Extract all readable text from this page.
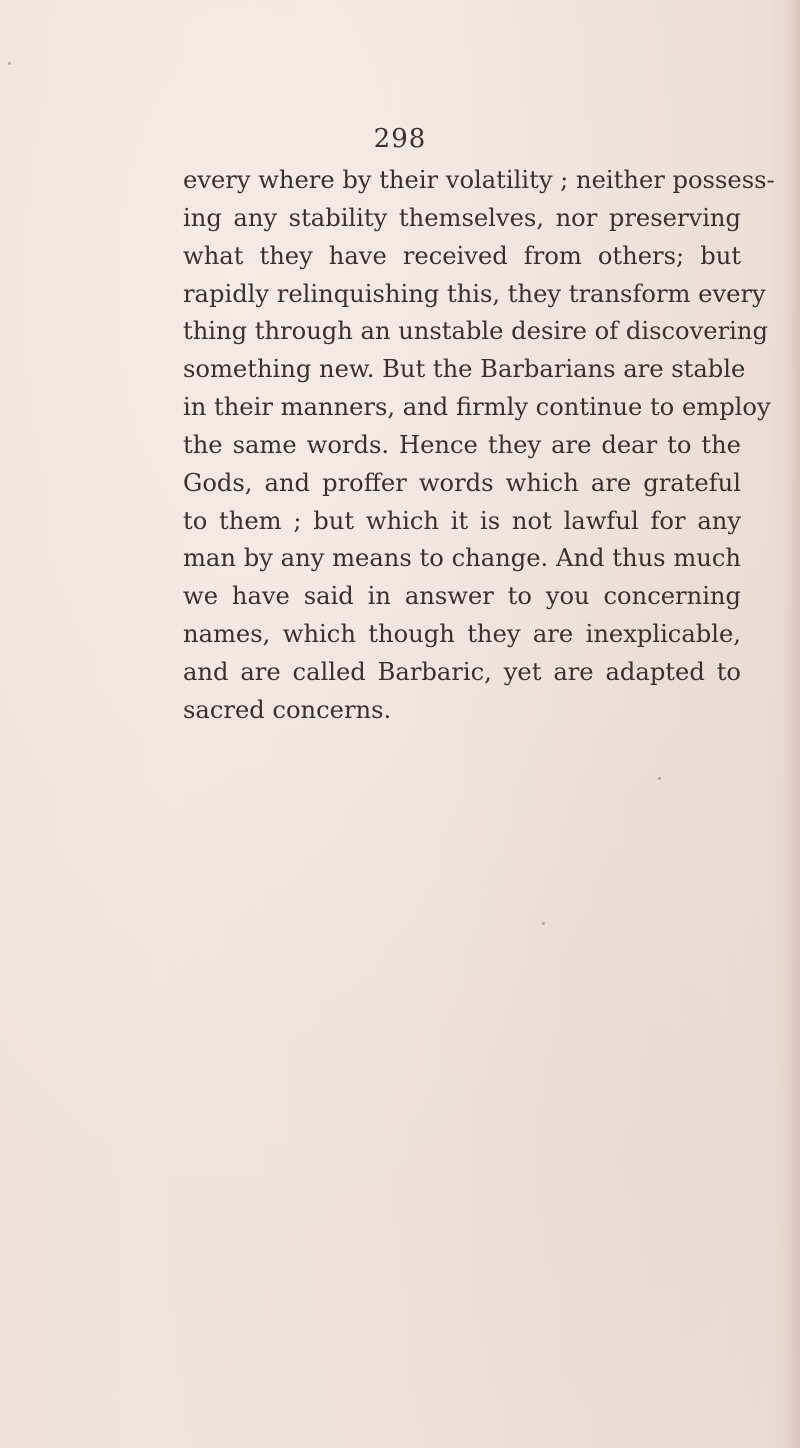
298

every where by their volatility ; neither possess-
ing any stability themselves, nor preserving
what they have received from others; but
rapidly relinquishing this, they transform every
thing through an unstable desire of discovering
something new. But the Barbarians are stable
in their manners, and firmly continue to employ
the same words. Hence they are dear to the
Gods, and proffer words which are grateful
to them ; but which it is not lawful for any
man by any means to change. And thus much
we have said in answer to you concerning
names, which though they are inexplicable,
and are called Barbaric, yet are adapted to
sacred concerns.
